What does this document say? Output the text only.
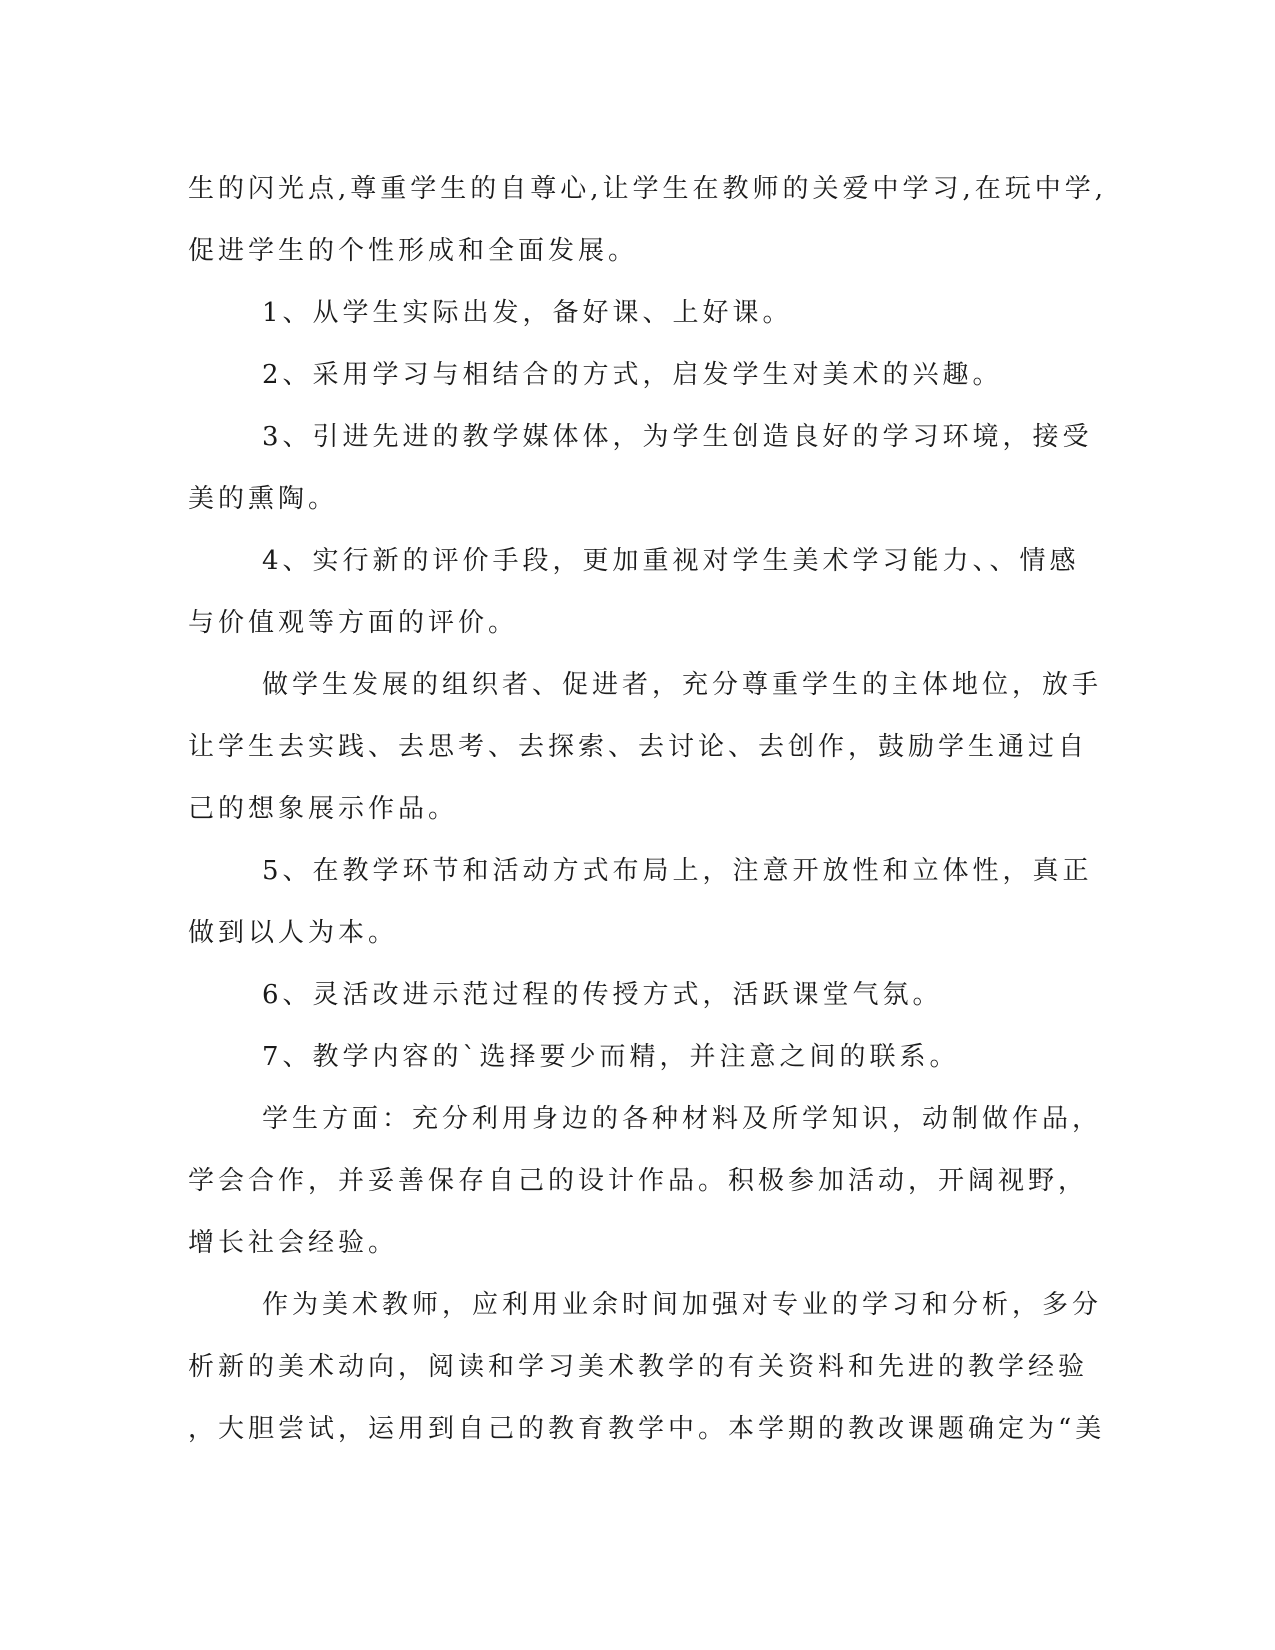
生的闪光点,尊重学生的自尊心,让学生在教师的关爱中学习,在玩中学,
促进学生的个性形成和全面发展。
1、从学生实际出发，备好课、上好课。
2、采用学习与相结合的方式，启发学生对美术的兴趣。
3、引进先进的教学媒体体，为学生创造良好的学习环境，接受
美的熏陶。
4、实行新的评价手段，更加重视对学生美术学习能力、、情感
与价值观等方面的评价。
做学生发展的组织者、促进者，充分尊重学生的主体地位，放手
让学生去实践、去思考、去探索、去讨论、去创作，鼓励学生通过自
己的想象展示作品。
5、在教学环节和活动方式布局上，注意开放性和立体性，真正
做到以人为本。
6、灵活改进示范过程的传授方式，活跃课堂气氛。
7、教学内容的`选择要少而精，并注意之间的联系。
学生方面：充分利用身边的各种材料及所学知识，动制做作品，
学会合作，并妥善保存自己的设计作品。积极参加活动，开阔视野，
增长社会经验。
作为美术教师，应利用业余时间加强对专业的学习和分析，多分
析新的美术动向，阅读和学习美术教学的有关资料和先进的教学经验
，大胆尝试，运用到自己的教育教学中。本学期的教改课题确定为“美
